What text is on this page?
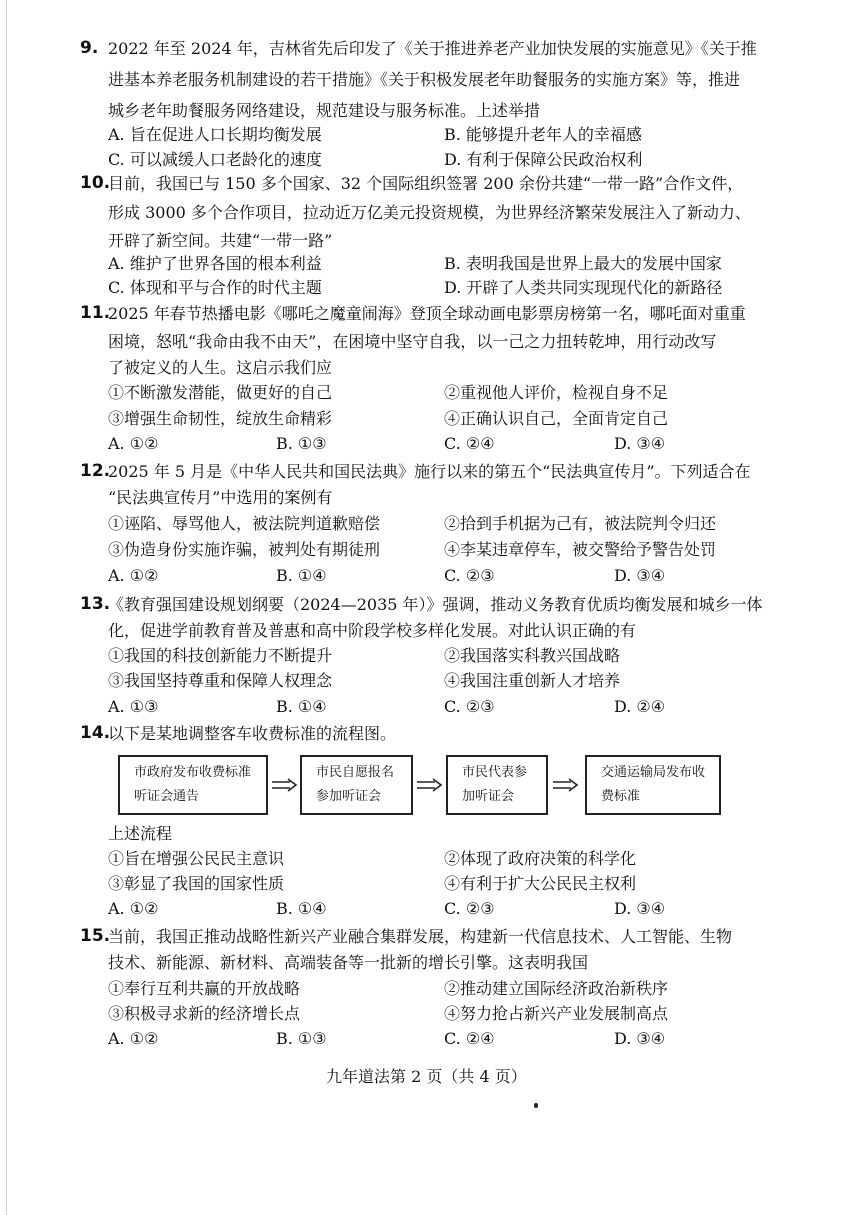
9. 2022 年至 2024 年，吉林省先后印发了《关于推进养老产业加快发展的实施意见》《关于推
进基本养老服务机制建设的若干措施》《关于积极发展老年助餐服务的实施方案》等，推进
城乡老年助餐服务网络建设，规范建设与服务标准。上述举措
A. 旨在促进人口长期均衡发展	B. 能够提升老年人的幸福感
C. 可以减缓人口老龄化的速度	D. 有利于保障公民政治权利
10.
目前，我国已与 150 多个国家、32 个国际组织签署 200 余份共建“一带一路”合作文件，
形成 3000 多个合作项目，拉动近万亿美元投资规模，为世界经济繁荣发展注入了新动力、
开辟了新空间。共建“一带一路”
A. 维护了世界各国的根本利益	B. 表明我国是世界上最大的发展中国家
C. 体现和平与合作的时代主题	D. 开辟了人类共同实现现代化的新路径
11.
2025 年春节热播电影《哪吒之魔童闹海》登顶全球动画电影票房榜第一名，哪吒面对重重
困境，怒吼“我命由我不由天”，在困境中坚守自我，以一己之力扭转乾坤，用行动改写
了被定义的人生。这启示我们应
①不断激发潜能，做更好的自己	②重视他人评价，检视自身不足
③增强生命韧性，绽放生命精彩	④正确认识自己，全面肯定自己
A. ①②	B. ①③	C. ②④	D. ③④
12.
2025 年 5 月是《中华人民共和国民法典》施行以来的第五个“民法典宣传月”。下列适合在
“民法典宣传月”中选用的案例有
①诬陷、辱骂他人，被法院判道歉赔偿	②拾到手机据为己有，被法院判令归还
③伪造身份实施诈骗，被判处有期徒刑	④李某违章停车，被交警给予警告处罚
A. ①②	B. ①④	C. ②③	D. ③④
13.
《教育强国建设规划纲要（2024—2035 年）》强调，推动义务教育优质均衡发展和城乡一体
化，促进学前教育普及普惠和高中阶段学校多样化发展。对此认识正确的有
①我国的科技创新能力不断提升	②我国落实科教兴国战略
③我国坚持尊重和保障人权理念	④我国注重创新人才培养
A. ①③	B. ①④	C. ②③	D. ②④
14.
以下是某地调整客车收费标准的流程图。
市政府发布收费标准听证会通告
市民自愿报名参加听证会
市民代表参加听证会
交通运输局发布收费标准
上述流程
①旨在增强公民民主意识	②体现了政府决策的科学化
③彰显了我国的国家性质	④有利于扩大公民民主权利
A. ①②	B. ①④	C. ②③	D. ③④
15.
当前，我国正推动战略性新兴产业融合集群发展，构建新一代信息技术、人工智能、生物
技术、新能源、新材料、高端装备等一批新的增长引擎。这表明我国
①奉行互利共赢的开放战略	②推动建立国际经济政治新秩序
③积极寻求新的经济增长点	④努力抢占新兴产业发展制高点
A. ①②	B. ①③	C. ②④	D. ③④
九年道法第 2 页（共 4 页）
